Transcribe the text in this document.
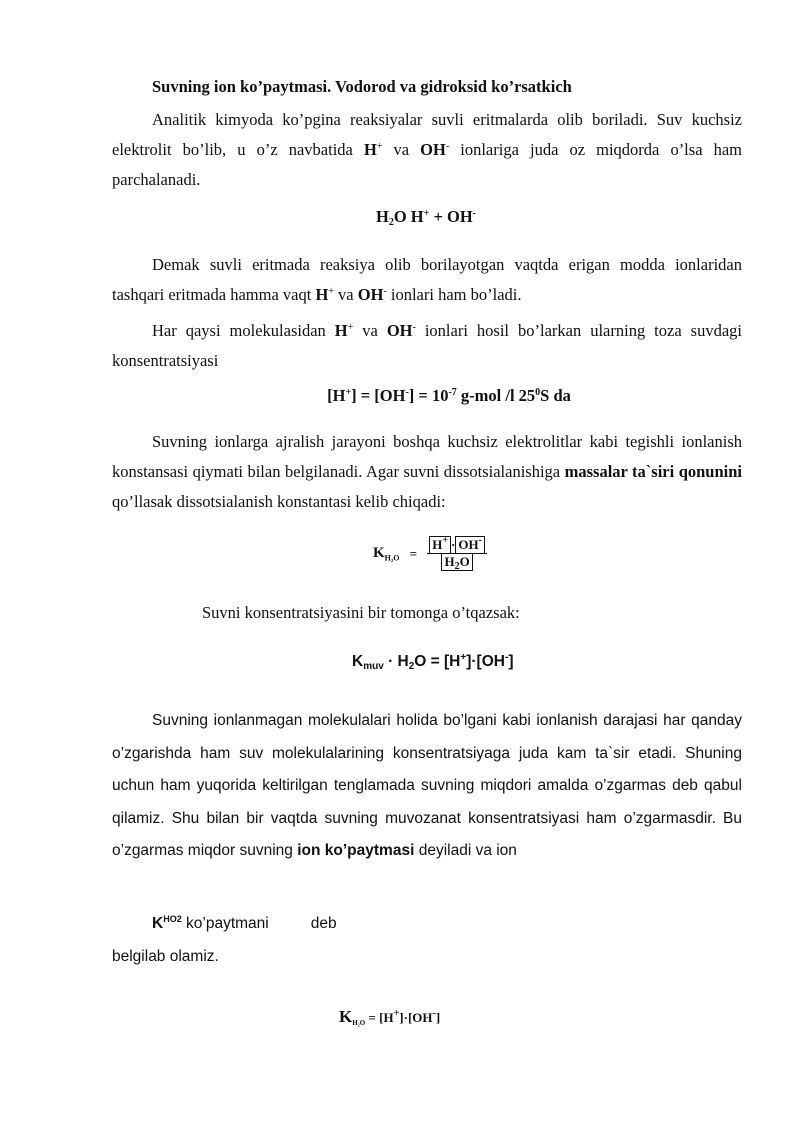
Suvning ion ko’paytmasi. Vodorod va gidroksid ko’rsatkich

Analitik kimyoda ko’pgina reaksiyalar suvli eritmalarda olib boriladi. Suv kuchsiz elektrolit bo’lib, u o’z navbatida H+ va OH- ionlariga juda oz miqdorda o’lsa ham parchalanadi.

$H_2O$ H+ + OH-

Demak suvli eritmada reaksiya olib borilayotgan vaqtda erigan modda ionlaridan tashqari eritmada hamma vaqt H+ va OH- ionlari ham bo’ladi.

Har qaysi molekulasidan H+ va OH- ionlari hosil bo’larkan ularning toza suvdagi konsentratsiyasi

$[H^+] = [OH^-] = 10^{-7}$ g-mol /l $25^0S$ da

Suvning ionlarga ajralish jarayoni boshqa kuchsiz elektrolitlar kabi tegishli ionlanish konstansasi qiymati bilan belgilanadi. Agar suvni dissotsialanishiga massalar ta`siri qonunini qo’llasak dissotsialanish konstantasi kelib chiqadi:

$K_{H_2O} = \frac{H^+ \cdot OH^-}{H_2O}$

Suvni konsentratsiyasini bir tomonga o’tqazsak:

$K_{muv} \cdot H_2O = [H^+]\cdot[OH^-]$

Suvning ionlanmagan molekulalari holida bo’lgani kabi ionlanish darajasi har qanday o’zgarishda ham suv molekulalarining konsentratsiyaga juda kam ta`sir etadi. Shuning uchun ham yuqorida keltirilgan tenglamada suvning miqdori amalda o’zgarmas deb qabul qilamiz. Shu bilan bir vaqtda suvning muvozanat konsentratsiyasi ham o’zgarmasdir. Bu o’zgarmas miqdor suvning ion ko’paytmasi deyiladi va ion

$K^{HO2}$ ko’paytmani	deb
belgilab olamiz.
$K_{H_2O} = [H^+]\cdot[OH^-]$
